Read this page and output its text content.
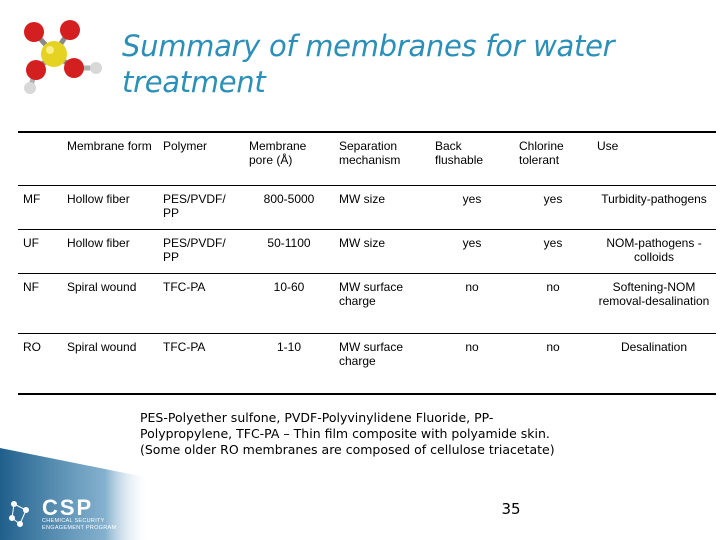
Summary of membranes for water treatment
	Membrane form	Polymer	Membrane pore (Å)	Separation mechanism	Back flushable	Chlorine tolerant	Use
MF	Hollow fiber	PES/PVDF/ PP	800-5000	MW size	yes	yes	Turbidity-pathogens
UF	Hollow fiber	PES/PVDF/ PP	50-1100	MW size	yes	yes	NOM-pathogens -colloids
NF	Spiral wound	TFC-PA	10-60	MW surface charge	no	no	Softening-NOM removal-desalination
RO	Spiral wound	TFC-PA	1-10	MW surface charge	no	no	Desalination
PES-Polyether sulfone, PVDF-Polyvinylidene Fluoride, PP-
Polypropylene, TFC-PA – Thin film composite with polyamide skin.
(Some older RO membranes are composed of cellulose triacetate)
CSP
CHEMICAL SECURITY
ENGAGEMENT PROGRAM
35
